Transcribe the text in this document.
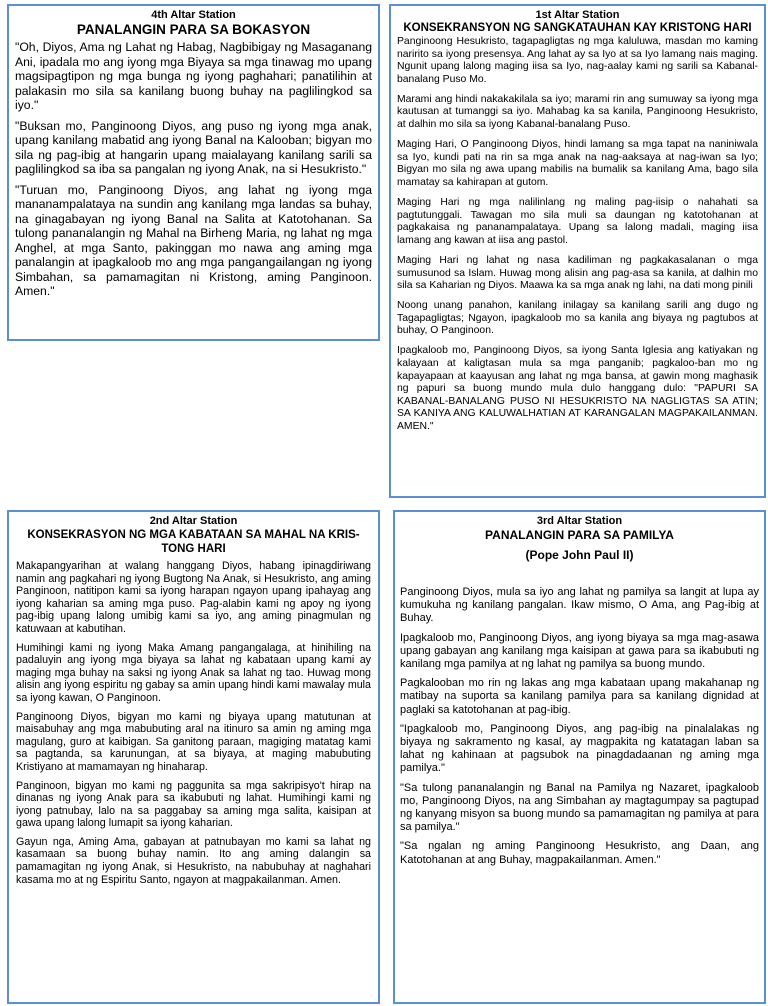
4th Altar Station
PANALANGIN PARA SA BOKASYON

"Oh, Diyos, Ama ng Lahat ng Habag, Nagbibigay ng Masaganang Ani, ipadala mo ang iyong mga Biyaya sa mga tinawag mo upang magsipagtipon ng mga bunga ng iyong paghahari; panatilihin at palakasin mo sila sa kanilang buong buhay na paglilingkod sa iyo."

"Buksan mo, Panginoong Diyos, ang puso ng iyong mga anak, upang kanilang mabatid ang iyong Banal na Kalooban; bigyan mo sila ng pag-ibig at hangarin upang maialayang kanilang sarili sa paglilingkod sa iba sa pangalan ng iyong Anak, na si Hesukristo."

"Turuan mo, Panginoong Diyos, ang lahat ng iyong mga mananampalataya na sundin ang kanilang mga landas sa buhay, na ginagabayan ng iyong Banal na Salita at Katotohanan. Sa tulong pananalangin ng Mahal na Birheng Maria, ng lahat ng mga Anghel, at mga Santo, pakinggan mo nawa ang aming mga panalangin at ipagkaloob mo ang mga pangangailangan ng iyong Simbahan, sa pamamagitan ni Kristong, aming Panginoon. Amen."

1st Altar Station
KONSEKRANSYON NG SANGKATAUHAN KAY KRISTONG HARI

Panginoong Hesukristo, tagapagligtas ng mga kaluluwa, masdan mo kaming naririto sa iyong presensya. Ang lahat ay sa Iyo at sa Iyo lamang nais maging. Ngunit upang lalong maging iisa sa Iyo, nag-aalay kami ng sarili sa Kabanal-banalang Puso Mo.

Marami ang hindi nakakakilala sa iyo; marami rin ang sumuway sa iyong mga kautusan at tumanggi sa iyo. Mahabag ka sa kanila, Panginoong Hesukristo, at dalhin mo sila sa iyong Kabanal-banalang Puso.

Maging Hari, O Panginoong Diyos, hindi lamang sa mga tapat na naniniwala sa Iyo, kundi pati na rin sa mga anak na nag-aaksaya at nag-iwan sa Iyo; Bigyan mo sila ng awa upang mabilis na bumalik sa kanilang Ama, bago sila mamatay sa kahirapan at gutom.

Maging Hari ng mga nalilinlang ng maling pag-iisip o nahahati sa pagtutunggali. Tawagan mo sila muli sa daungan ng katotohanan at pagkakaisa ng pananampalataya. Upang sa lalong madali, maging iisa lamang ang kawan at iisa ang pastol.

Maging Hari ng lahat ng nasa kadiliman ng pagkakasalanan o mga sumusunod sa Islam. Huwag mong alisin ang pag-asa sa kanila, at dalhin mo sila sa Kaharian ng Diyos. Maawa ka sa mga anak ng lahi, na dati mong pinili

Noong unang panahon, kanilang inilagay sa kanilang sarili ang dugo ng Tagapagligtas; Ngayon, ipagkaloob mo sa kanila ang biyaya ng pagtubos at buhay, O Panginoon.

Ipagkaloob mo, Panginoong Diyos, sa iyong Santa Iglesia ang katiyakan ng kalayaan at kaligtasan mula sa mga panganib; pagkaloo-ban mo ng kapayapaan at kaayusan ang lahat ng mga bansa, at gawin mong maghasik ng papuri sa buong mundo mula dulo hanggang dulo: "PAPURI SA KABANAL-BANALANG PUSO NI HESUKRISTO NA NAGLIGTAS SA ATIN; SA KANIYA ANG KALUWALHATIAN AT KARANGALAN MAGPAKAILANMAN. AMEN."

2nd Altar Station
KONSEKRASYON NG MGA KABATAAN SA MAHAL NA KRIS-TONG HARI

Makapangyarihan at walang hanggang Diyos, habang ipinagdiriwang namin ang pagkahari ng iyong Bugtong Na Anak, si Hesukristo, ang aming Panginoon, natitipon kami sa iyong harapan ngayon upang ipahayag ang iyong kaharian sa aming mga puso. Pag-alabin kami ng apoy ng iyong pag-ibig upang lalong umibig kami sa iyo, ang aming pinagmulan ng katuwaan at kabutihan.

Humihingi kami ng iyong Maka Amang pangangalaga, at hinihiling na padaluyin ang iyong mga biyaya sa lahat ng kabataan upang kami ay maging mga buhay na saksi ng iyong Anak sa lahat ng tao. Huwag mong alisin ang iyong espiritu ng gabay sa amin upang hindi kami mawalay mula sa iyong kawan, O Panginoon.

Panginoong Diyos, bigyan mo kami ng biyaya upang matutunan at maisabuhay ang mga mabubuting aral na itinuro sa amin ng aming mga magulang, guro at kaibigan. Sa ganitong paraan, magiging matatag kami sa pagtanda, sa karunungan, at sa biyaya, at maging mabubuting Kristiyano at mamamayan ng hinaharap.

Panginoon, bigyan mo kami ng paggunita sa mga sakripisyo't hirap na dinanas ng iyong Anak para sa ikabubuti ng lahat. Humihingi kami ng iyong patnubay, lalo na sa paggabay sa aming mga salita, kaisipan at gawa upang lalong lumapit sa iyong kaharian.

Gayun nga, Aming Ama, gabayan at patnubayan mo kami sa lahat ng kasamaan sa buong buhay namin. Ito ang aming dalangin sa pamamagitan ng iyong Anak, si Hesukristo, na nabubuhay at naghahari kasama mo at ng Espiritu Santo, ngayon at magpakailanman. Amen.

3rd Altar Station
PANALANGIN PARA SA PAMILYA
(Pope John Paul II)

Panginoong Diyos, mula sa iyo ang lahat ng pamilya sa langit at lupa ay kumukuha ng kanilang pangalan. Ikaw mismo, O Ama, ang Pag-ibig at Buhay.

Ipagkaloob mo, Panginoong Diyos, ang iyong biyaya sa mga mag-asawa upang gabayan ang kanilang mga kaisipan at gawa para sa ikabubuti ng kanilang mga pamilya at ng lahat ng pamilya sa buong mundo.

Pagkalooban mo rin ng lakas ang mga kabataan upang makahanap ng matibay na suporta sa kanilang pamilya para sa kanilang dignidad at paglaki sa katotohanan at pag-ibig.

"Ipagkaloob mo, Panginoong Diyos, ang pag-ibig na pinalalakas ng biyaya ng sakramento ng kasal, ay magpakita ng katatagan laban sa lahat ng kahinaan at pagsubok na pinagdadaanan ng aming mga pamilya."

"Sa tulong pananalangin ng Banal na Pamilya ng Nazaret, ipagkaloob mo, Panginoong Diyos, na ang Simbahan ay magtagumpay sa pagtupad ng kanyang misyon sa buong mundo sa pamamagitan ng pamilya at para sa pamilya."

"Sa ngalan ng aming Panginoong Hesukristo, ang Daan, ang Katotohanan at ang Buhay, magpakailanman. Amen."
